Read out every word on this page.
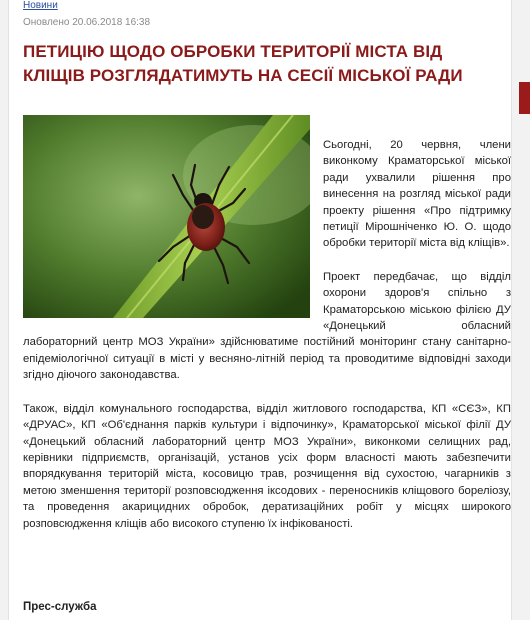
Новини
Оновлено 20.06.2018 16:38
ПЕТИЦІЮ ЩОДО ОБРОБКИ ТЕРИТОРІЇ МІСТА ВІД КЛІЩІВ РОЗГЛЯДАТИМУТЬ НА СЕСІЇ МІСЬКОЇ РАДИ

Сьогодні, 20 червня, члени виконкому Краматорської міської ради ухвалили рішення про винесення на розгляд міської ради проекту рішення «Про підтримку петиції Мірошніченко Ю. О. щодо обробки території міста від кліщів».

Проект передбачає, що відділ охорони здоров'я спільно з Краматорською міською філією ДУ «Донецький обласний лабораторний центр МОЗ України» здійснюватиме постійний моніторинг стану санітарно-епідеміологічної ситуації в місті у весняно-літній період та проводитиме відповідні заходи згідно діючого законодавства.

Також, відділ комунального господарства, відділ житлового господарства, КП «СЄЗ», КП «ДРУАС», КП «Об'єднання парків культури і відпочинку», Краматорської міської філії ДУ «Донецький обласний лабораторний центр МОЗ України», виконкоми селищних рад, керівники підприємств, організацій, установ усіх форм власності мають забезпечити впорядкування територій міста, косовицю трав, розчищення від сухостою, чагарників з метою зменшення території розповсюдження іксодових - переносників кліщового бореліозу, та проведення акарицидних обробок, дератизаційних робіт у місцях широкого розповсюдження кліщів або високого ступеню їх інфікованості.

Прес-служба
